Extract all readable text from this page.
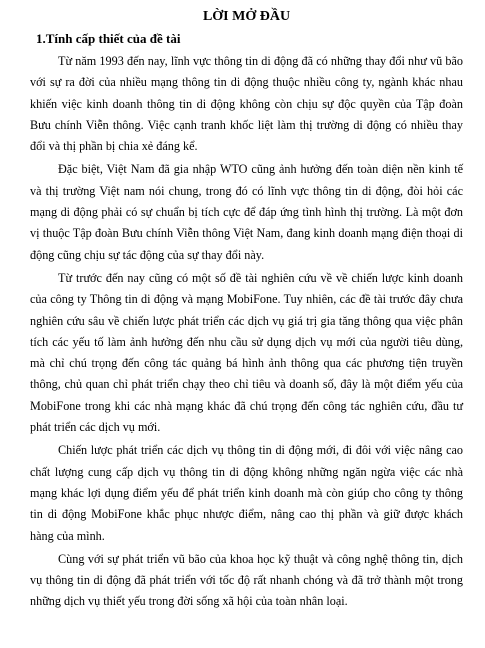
LỜI MỞ ĐẦU
1.Tính cấp thiết của đề tài

Từ năm 1993 đến nay, lĩnh vực thông tin di động đã có những thay đổi như vũ bão với sự ra đời của nhiều mạng thông tin di động thuộc nhiều công ty, ngành khác nhau khiến việc kinh doanh thông tin di động không còn chịu sự độc quyền của Tập đoàn Bưu chính Viễn thông. Việc cạnh tranh khốc liệt làm thị trường di động có nhiều thay đổi và thị phần bị chia xẻ đáng kể.

Đặc biệt, Việt Nam đã gia nhập WTO cũng ảnh hưởng đến toàn diện nền kinh tế và thị trường Việt nam nói chung, trong đó có lĩnh vực thông tin di động, đòi hỏi các mạng di động phải có sự chuẩn bị tích cực để đáp ứng tình hình thị trường. Là một đơn vị thuộc Tập đoàn Bưu chính Viễn thông Việt Nam, đang kinh doanh mạng điện thoại di động cũng chịu sự tác động của sự thay đổi này.

Từ trước đến nay cũng có một số đề tài nghiên cứu về về chiến lược kinh doanh của công ty Thông tin di động và mạng MobiFone. Tuy nhiên, các đề tài trước đây chưa nghiên cứu sâu về chiến lược phát triển các dịch vụ giá trị gia tăng thông qua việc phân tích các yếu tố làm ảnh hưởng đến nhu cầu sử dụng dịch vụ mới của người tiêu dùng, mà chỉ chú trọng đến công tác quảng bá hình ảnh thông qua các phương tiện truyền thông, chủ quan chỉ phát triển chạy theo chỉ tiêu và doanh số, đây là một điểm yếu của MobiFone trong khi các nhà mạng khác đã chú trọng đến công tác nghiên cứu, đầu tư phát triển các dịch vụ mới.

Chiến lược phát triển các dịch vụ thông tin di động mới, đi đôi với việc nâng cao chất lượng cung cấp dịch vụ thông tin di động không những ngăn ngừa việc các nhà mạng khác lợi dụng điểm yếu để phát triển kinh doanh mà còn giúp cho công ty thông tin di động MobiFone khắc phục nhược điểm, nâng cao thị phần và giữ được khách hàng của mình.

Cùng với sự phát triển vũ bão của khoa học kỹ thuật và công nghệ thông tin, dịch vụ thông tin di động đã phát triển với tốc độ rất nhanh chóng và đã trở thành một trong những dịch vụ thiết yếu trong đời sống xã hội của toàn nhân loại.
